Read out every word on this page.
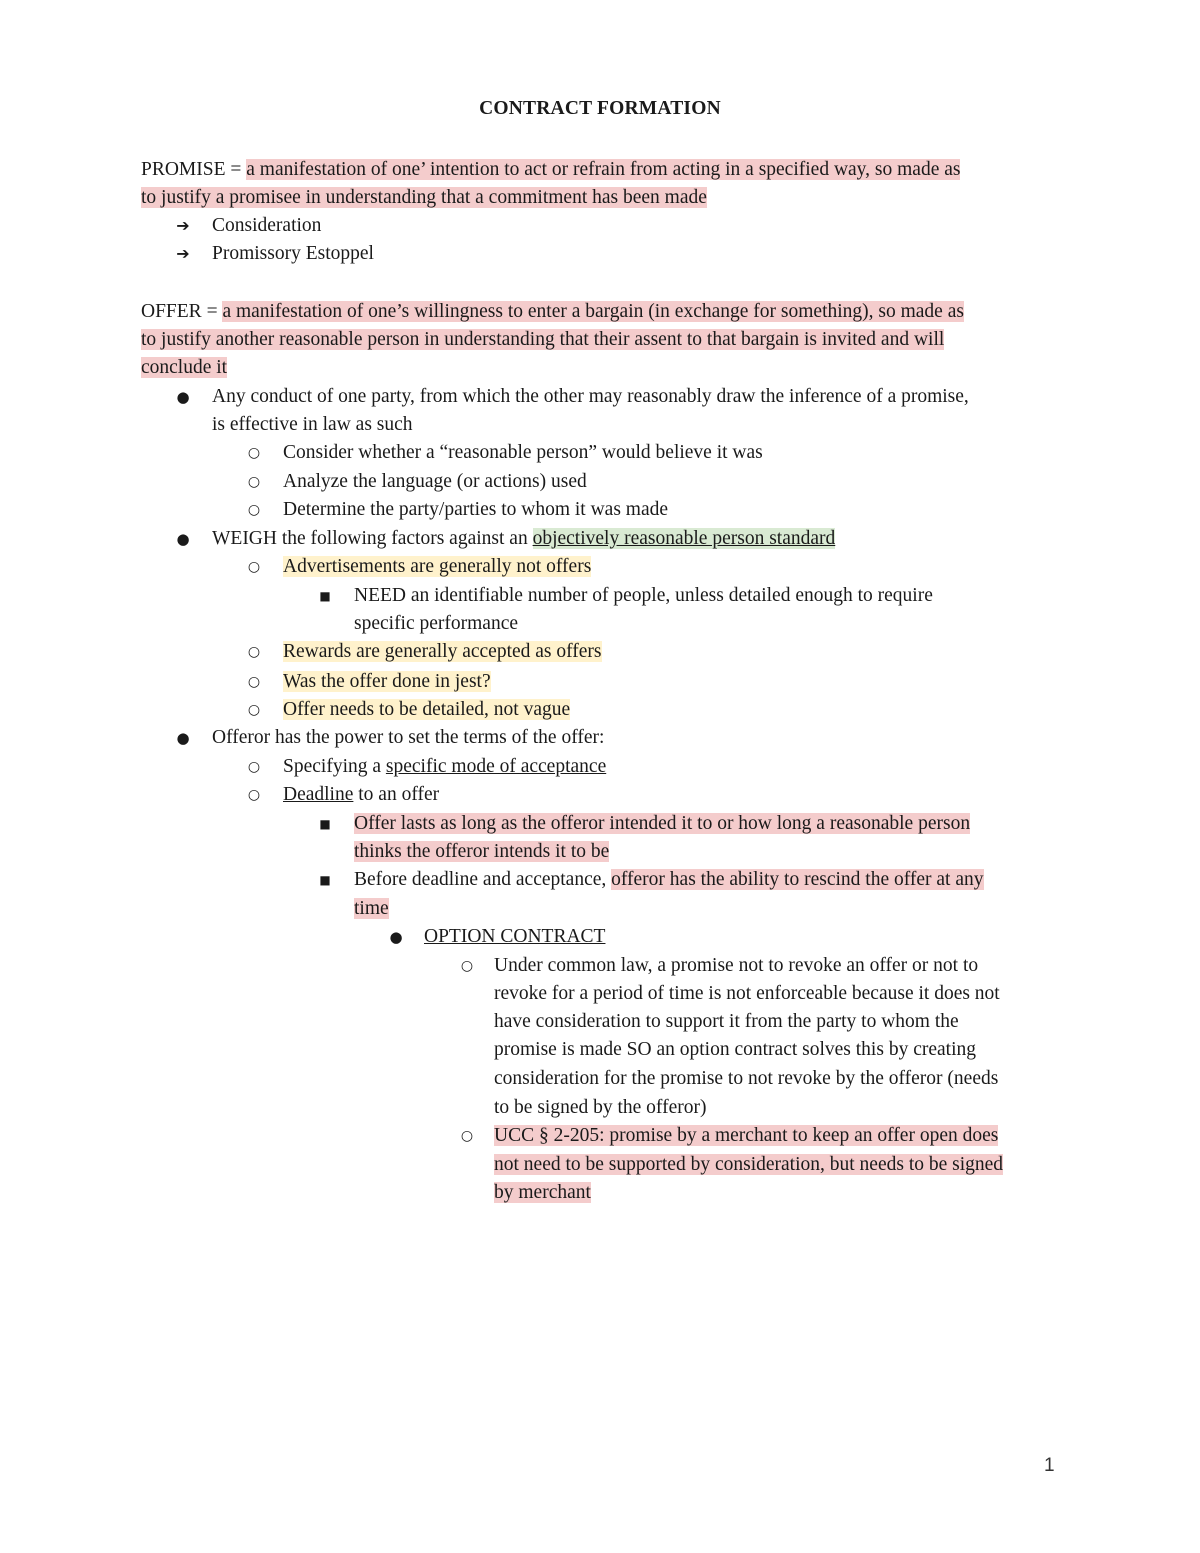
CONTRACT FORMATION
PROMISE = a manifestation of one’ intention to act or refrain from acting in a specified way, so made as
to justify a promisee in understanding that a commitment has been made
➔ Consideration
➔ Promissory Estoppel
OFFER = a manifestation of one’s willingness to enter a bargain (in exchange for something), so made as
to justify another reasonable person in understanding that their assent to that bargain is invited and will
conclude it
● Any conduct of one party, from which the other may reasonably draw the inference of a promise,
is effective in law as such
○ Consider whether a “reasonable person” would believe it was
○ Analyze the language (or actions) used
○ Determine the party/parties to whom it was made
● WEIGH the following factors against an objectively reasonable person standard
○ Advertisements are generally not offers
■ NEED an identifiable number of people, unless detailed enough to require
specific performance
○ Rewards are generally accepted as offers
○ Was the offer done in jest?
○ Offer needs to be detailed, not vague
● Offeror has the power to set the terms of the offer:
○ Specifying a specific mode of acceptance
○ Deadline to an offer
■ Offer lasts as long as the offeror intended it to or how long a reasonable person
thinks the offeror intends it to be
■ Before deadline and acceptance, offeror has the ability to rescind the offer at any
time
● OPTION CONTRACT
○ Under common law, a promise not to revoke an offer or not to
revoke for a period of time is not enforceable because it does not
have consideration to support it from the party to whom the
promise is made SO an option contract solves this by creating
consideration for the promise to not revoke by the offeror (needs
to be signed by the offeror)
○ UCC § 2-205: promise by a merchant to keep an offer open does
not need to be supported by consideration, but needs to be signed
by merchant
1
